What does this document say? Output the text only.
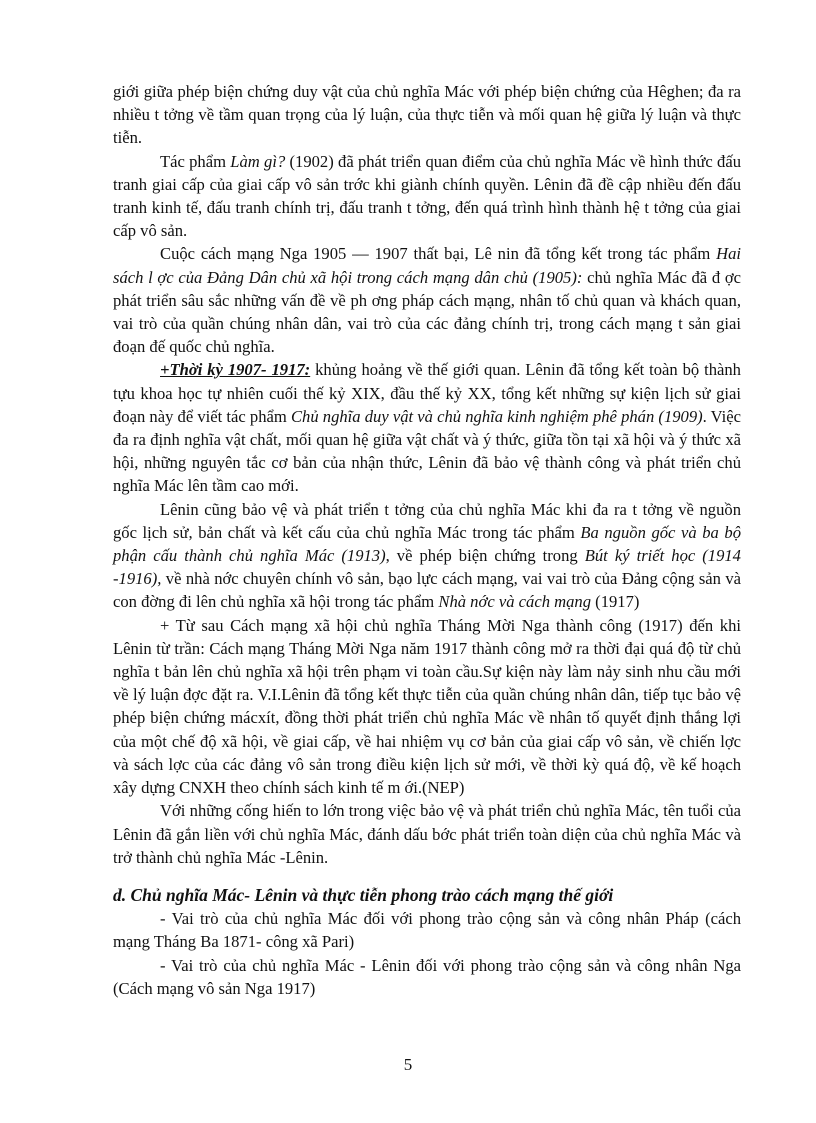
giới giữa phép biện chứng duy vật của chủ nghĩa Mác với phép biện chứng của Hêghen; đa ra nhiều t tởng về tầm quan trọng của lý luận, của thực tiễn và mối quan hệ giữa lý luận và thực tiễn.

Tác phẩm Làm gì? (1902) đã phát triển quan điểm của chủ nghĩa Mác về hình thức đấu tranh giai cấp của giai cấp vô sản trớc khi giành chính quyền. Lênin đã đề cập nhiều đến đấu tranh kinh tế, đấu tranh chính trị, đấu tranh t tởng, đến quá trình hình thành hệ t tởng của giai cấp vô sản.

Cuộc cách mạng Nga 1905 — 1907 thất bại, Lê nin đã tổng kết trong tác phẩm Hai sách l ợc của Đảng Dân chủ xã hội trong cách mạng dân chủ (1905): chủ nghĩa Mác đã đ ợc phát triển sâu sắc những vấn đề về ph ơng pháp cách mạng, nhân tố chủ quan và khách quan, vai trò của quần chúng nhân dân, vai trò của các đảng chính trị, trong cách mạng t sản giai đoạn đế quốc chủ nghĩa.

+Thời kỳ 1907- 1917: khủng hoảng về thế giới quan. Lênin đã tổng kết toàn bộ thành tựu khoa học tự nhiên cuối thế kỷ XIX, đầu thế kỷ XX, tổng kết những sự kiện lịch sử giai đoạn này để viết tác phẩm Chủ nghĩa duy vật và chủ nghĩa kinh nghiệm phê phán (1909). Việc đa ra định nghĩa vật chất, mối quan hệ giữa vật chất và ý thức, giữa tồn tại xã hội và ý thức xã hội, những nguyên tắc cơ bản của nhận thức, Lênin đã bảo vệ thành công và phát triển chủ nghĩa Mác lên tầm cao mới.

Lênin cũng bảo vệ và phát triển t tởng của chủ nghĩa Mác khi đa ra t tởng về nguồn gốc lịch sử, bản chất và kết cấu của chủ nghĩa Mác trong tác phẩm Ba nguồn gốc và ba bộ phận cấu thành chủ nghĩa Mác (1913), về phép biện chứng trong Bút ký triết học (1914 -1916), về nhà nớc chuyên chính vô sản, bạo lực cách mạng, vai vai trò của Đảng cộng sản và con đờng đi lên chủ nghĩa xã hội trong tác phẩm Nhà nớc và cách mạng (1917)

+ Từ sau Cách mạng xã hội chủ nghĩa Tháng Mời Nga thành công (1917) đến khi Lênin từ trần: Cách mạng Tháng Mời Nga năm 1917 thành công mở ra thời đại quá độ từ chủ nghĩa t bản lên chủ nghĩa xã hội trên phạm vi toàn cầu.Sự kiện này làm nảy sinh nhu cầu mới về lý luận đợc đặt ra. V.I.Lênin đã tổng kết thực tiễn của quần chúng nhân dân, tiếp tục bảo vệ phép biện chứng mácxít, đồng thời phát triển chủ nghĩa Mác về nhân tố quyết định thắng lợi của một chế độ xã hội, về giai cấp, về hai nhiệm vụ cơ bản của giai cấp vô sản, về chiến lợc và sách lợc của các đảng vô sản trong điều kiện lịch sử mới, về thời kỳ quá độ, về kế hoạch xây dựng CNXH theo chính sách kinh tế m ới.(NEP)

Với những cống hiến to lớn trong việc bảo vệ và phát triển chủ nghĩa Mác, tên tuổi của Lênin đã gắn liền với chủ nghĩa Mác, đánh dấu bớc phát triển toàn diện của chủ nghĩa Mác và trở thành chủ nghĩa Mác -Lênin.

d. Chủ nghĩa Mác- Lênin và thực tiễn phong trào cách mạng thế giới

- Vai trò của chủ nghĩa Mác đối với phong trào cộng sản và công nhân Pháp (cách mạng Tháng Ba 1871- công xã Pari)

- Vai trò của chủ nghĩa Mác - Lênin đối với phong trào cộng sản và công nhân Nga (Cách mạng vô sản Nga 1917)

5
